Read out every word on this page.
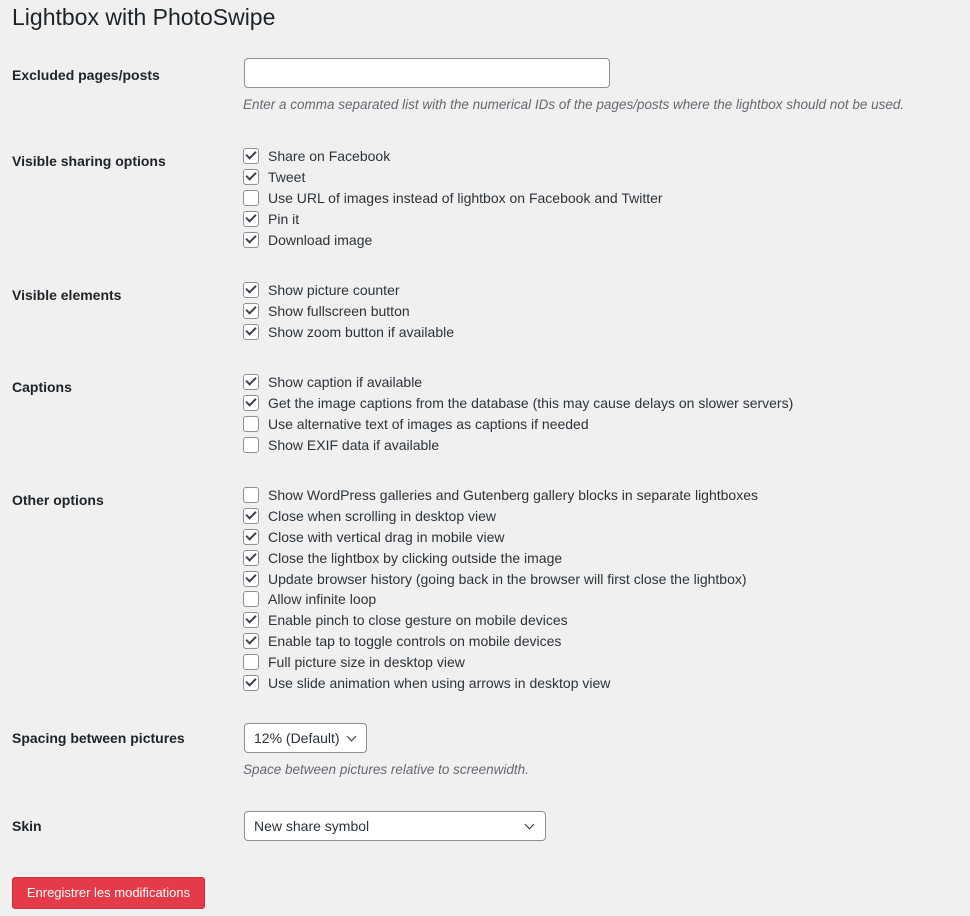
Lightbox with PhotoSwipe
Excluded pages/posts
Enter a comma separated list with the numerical IDs of the pages/posts where the lightbox should not be used.
Visible sharing options	Share on Facebook
Tweet
Use URL of images instead of lightbox on Facebook and Twitter
Pin it
Download image
Visible elements	Show picture counter
Show fullscreen button
Show zoom button if available
Captions	Show caption if available
Get the image captions from the database (this may cause delays on slower servers)
Use alternative text of images as captions if needed
Show EXIF data if available
Other options	Show WordPress galleries and Gutenberg gallery blocks in separate lightboxes
Close when scrolling in desktop view
Close with vertical drag in mobile view
Close the lightbox by clicking outside the image
Update browser history (going back in the browser will first close the lightbox)
Allow infinite loop
Enable pinch to close gesture on mobile devices
Enable tap to toggle controls on mobile devices
Full picture size in desktop view
Use slide animation when using arrows in desktop view
Spacing between pictures	12% (Default)
Space between pictures relative to screenwidth.
Skin	New share symbol
Enregistrer les modifications
